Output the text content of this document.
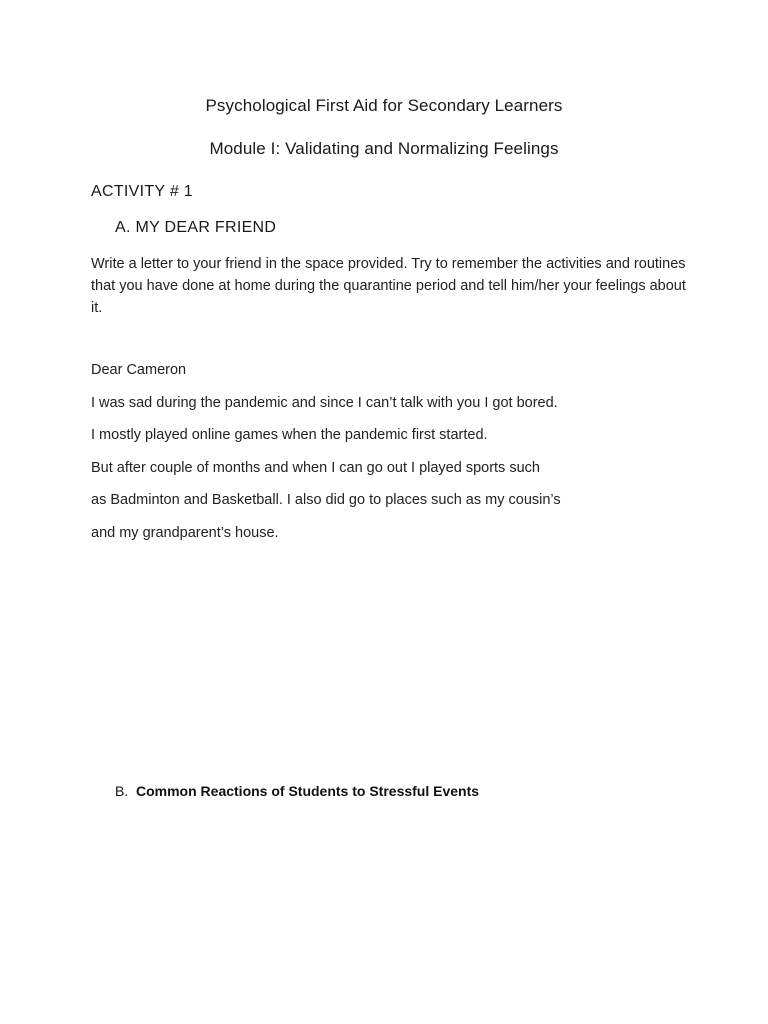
Psychological First Aid for Secondary Learners
Module I: Validating and Normalizing Feelings
ACTIVITY # 1
A. MY DEAR FRIEND
Write a letter to your friend in the space provided. Try to remember the activities and routines that you have done at home during the quarantine period and tell him/her your feelings about it.
Dear Cameron
I was sad during the pandemic and since I can’t talk with you I got bored.
I mostly played online games when the pandemic first started.
But after couple of months and when I can go out I played sports such
as Badminton and Basketball. I also did go to places such as my cousin’s
and my grandparent’s house.
B. Common Reactions of Students to Stressful Events
